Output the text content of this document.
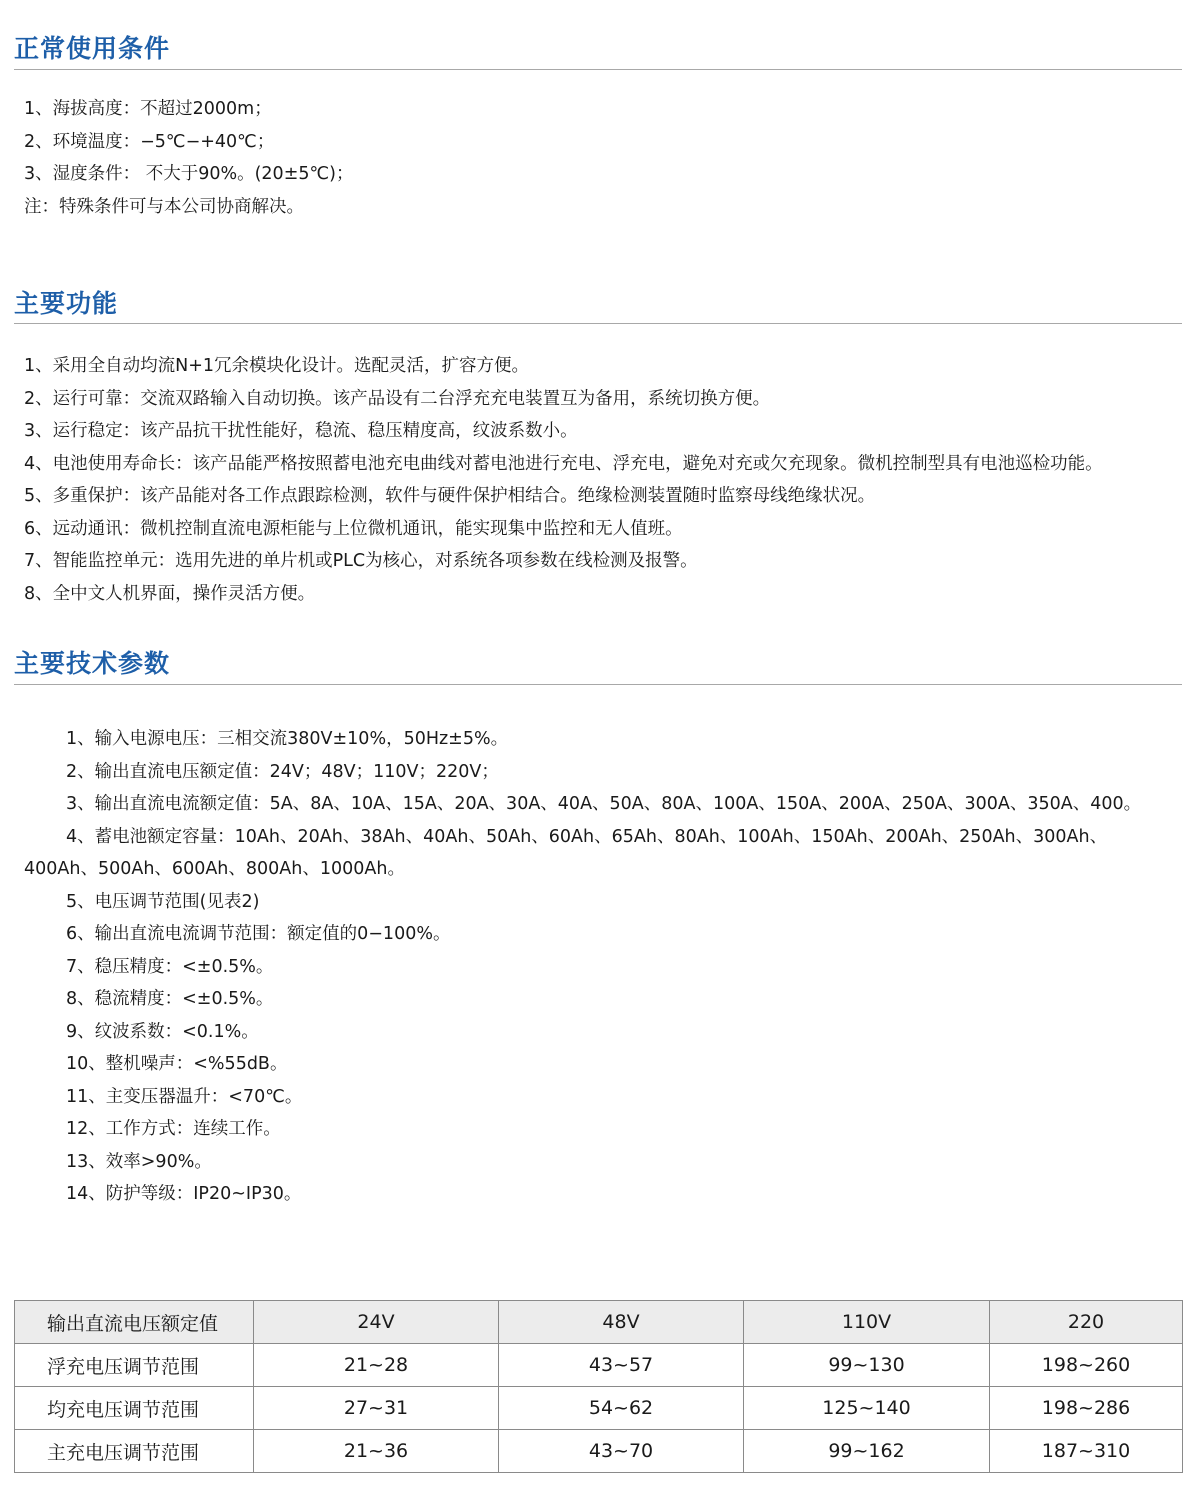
正常使用条件
1、海拔高度：不超过2000m；
2、环境温度：−5℃−+40℃；
3、湿度条件： 不大于90%。(20±5℃)；
注：特殊条件可与本公司协商解决。
主要功能
1、采用全自动均流N+1冗余模块化设计。选配灵活，扩容方便。
2、运行可靠：交流双路输入自动切换。该产品设有二台浮充充电装置互为备用，系统切换方便。
3、运行稳定：该产品抗干扰性能好，稳流、稳压精度高，纹波系数小。
4、电池使用寿命长：该产品能严格按照蓄电池充电曲线对蓄电池进行充电、浮充电，避免对充或欠充现象。微机控制型具有电池巡检功能。
5、多重保护：该产品能对各工作点跟踪检测，软件与硬件保护相结合。绝缘检测装置随时监察母线绝缘状况。
6、远动通讯：微机控制直流电源柜能与上位微机通讯，能实现集中监控和无人值班。
7、智能监控单元：选用先进的单片机或PLC为核心，对系统各项参数在线检测及报警。
8、全中文人机界面，操作灵活方便。
主要技术参数
1、输入电源电压：三相交流380V±10%，50Hz±5%。
2、输出直流电压额定值：24V；48V；110V；220V；
3、输出直流电流额定值：5A、8A、10A、15A、20A、30A、40A、50A、80A、100A、150A、200A、250A、300A、350A、400。
4、蓄电池额定容量：10Ah、20Ah、38Ah、40Ah、50Ah、60Ah、65Ah、80Ah、100Ah、150Ah、200Ah、250Ah、300Ah、400Ah、500Ah、600Ah、800Ah、1000Ah。
5、电压调节范围(见表2)
6、输出直流电流调节范围：额定值的0−100%。
7、稳压精度：<±0.5%。
8、稳流精度：<±0.5%。
9、纹波系数：<0.1%。
10、整机噪声：<%55dB。
11、主变压器温升：<70℃。
12、工作方式：连续工作。
13、效率>90%。
14、防护等级：IP20~IP30。
输出直流电压额定值	24V	48V	110V	220
浮充电压调节范围	21~28	43~57	99~130	198~260
均充电压调节范围	27~31	54~62	125~140	198~286
主充电压调节范围	21~36	43~70	99~162	187~310
